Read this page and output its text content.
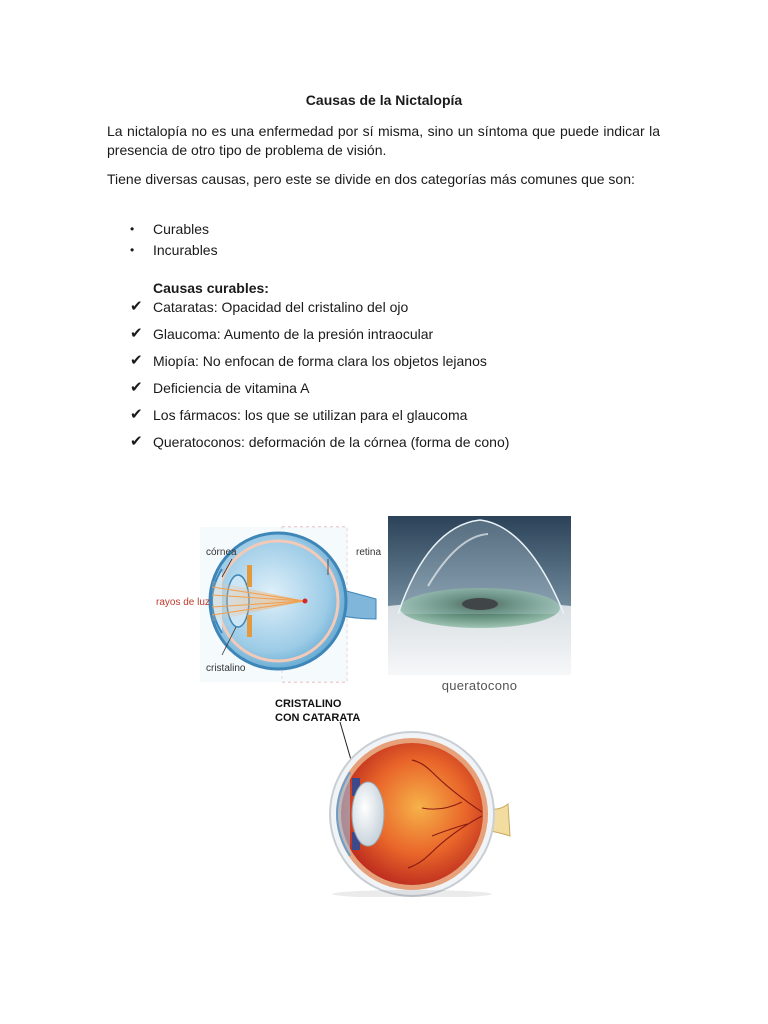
Causas de la Nictalopía

La nictalopía no es una enfermedad por sí misma, sino un síntoma que puede indicar la presencia de otro tipo de problema de visión.

Tiene diversas causas, pero este se divide en dos categorías más comunes que son:

• Curables
• Incurables
Causas curables:
✔ Cataratas: Opacidad del cristalino del ojo
✔ Glaucoma: Aumento de la presión intraocular
✔ Miopía: No enfocan de forma clara los objetos lejanos
✔ Deficiencia de vitamina A
✔ Los fármacos: los que se utilizan para el glaucoma
✔ Queratoconos: deformación de la córnea (forma de cono)
córnea	retina
rayos de luz
cristalino
queratocono
CRISTALINO
CON CATARATA
